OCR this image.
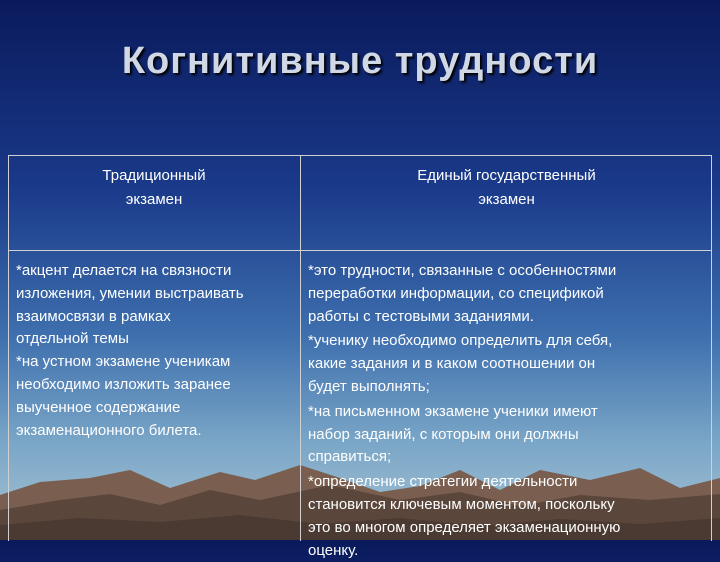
Когнитивные трудности
Традиционный
экзамен
Единый государственный
экзамен

*акцент делается на связности

изложения, умении выстраивать

взаимосвязи в рамках

отдельной темы

*на устном экзамене ученикам

необходимо изложить заранее

выученное содержание

экзаменационного билета.

*это трудности, связанные с особенностями

переработки информации, со спецификой

работы с тестовыми заданиями.

*ученику необходимо определить для себя,

какие задания и в каком соотношении он

будет выполнять;

*на письменном экзамене ученики имеют

набор заданий, с которым они должны

справиться;

*определение стратегии деятельности

становится ключевым моментом, поскольку

это во многом определяет экзаменационную

оценку.
